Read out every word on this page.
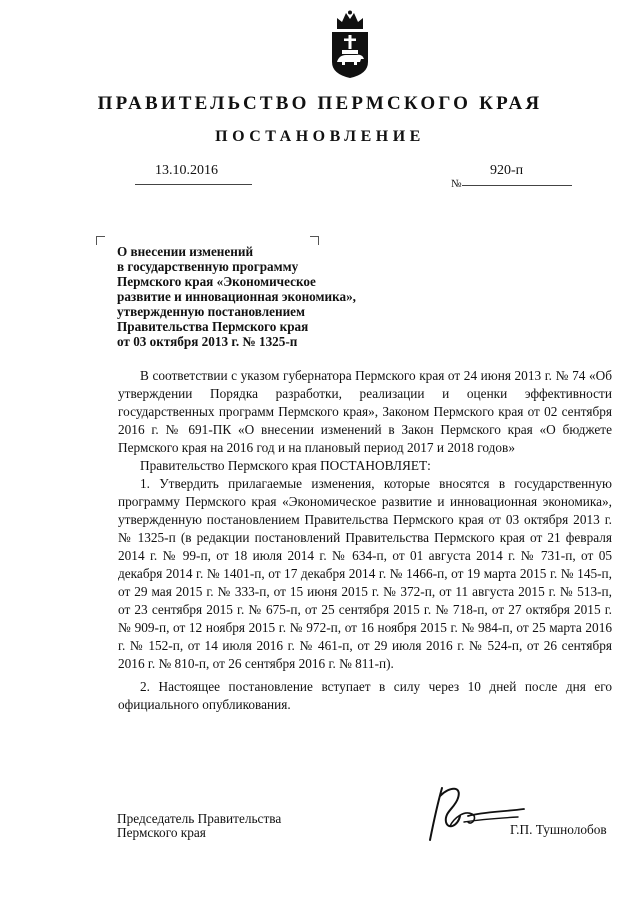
ПРАВИТЕЛЬСТВО ПЕРМСКОГО КРАЯ
ПОСТАНОВЛЕНИЕ
13.10.2016	920-п
№
О внесении изменений
в государственную программу
Пермского края «Экономическое
развитие и инновационная экономика»,
утвержденную постановлением
Правительства Пермского края
от 03 октября 2013 г. № 1325-п

В соответствии с указом губернатора Пермского края от 24 июня 2013 г. № 74 «Об утверждении Порядка разработки, реализации и оценки эффективности государственных программ Пермского края», Законом Пермского края от 02 сентября 2016 г. № 691-ПК «О внесении изменений в Закон Пермского края «О бюджете Пермского края на 2016 год и на плановый период 2017 и 2018 годов»

Правительство Пермского края ПОСТАНОВЛЯЕТ:

1. Утвердить прилагаемые изменения, которые вносятся в государственную программу Пермского края «Экономическое развитие и инновационная экономика», утвержденную постановлением Правительства Пермского края от 03 октября 2013 г. № 1325-п (в редакции постановлений Правительства Пермского края от 21 февраля 2014 г. № 99-п, от 18 июля 2014 г. № 634-п, от 01 августа 2014 г. № 731-п, от 05 декабря 2014 г. № 1401-п, от 17 декабря 2014 г. № 1466-п, от 19 марта 2015 г. № 145-п, от 29 мая 2015 г. № 333-п, от 15 июня 2015 г. № 372-п, от 11 августа 2015 г. № 513-п, от 23 сентября 2015 г. № 675-п, от 25 сентября 2015 г. № 718-п, от 27 октября 2015 г. № 909-п, от 12 ноября 2015 г. № 972-п, от 16 ноября 2015 г. № 984-п, от 25 марта 2016 г. № 152-п, от 14 июля 2016 г. № 461-п, от 29 июля 2016 г. № 524-п, от 26 сентября 2016 г. № 810-п, от 26 сентября 2016 г. № 811-п).

2. Настоящее постановление вступает в силу через 10 дней после дня его официального опубликования.

Председатель Правительства
Пермского края	Г.П. Тушнолобов
